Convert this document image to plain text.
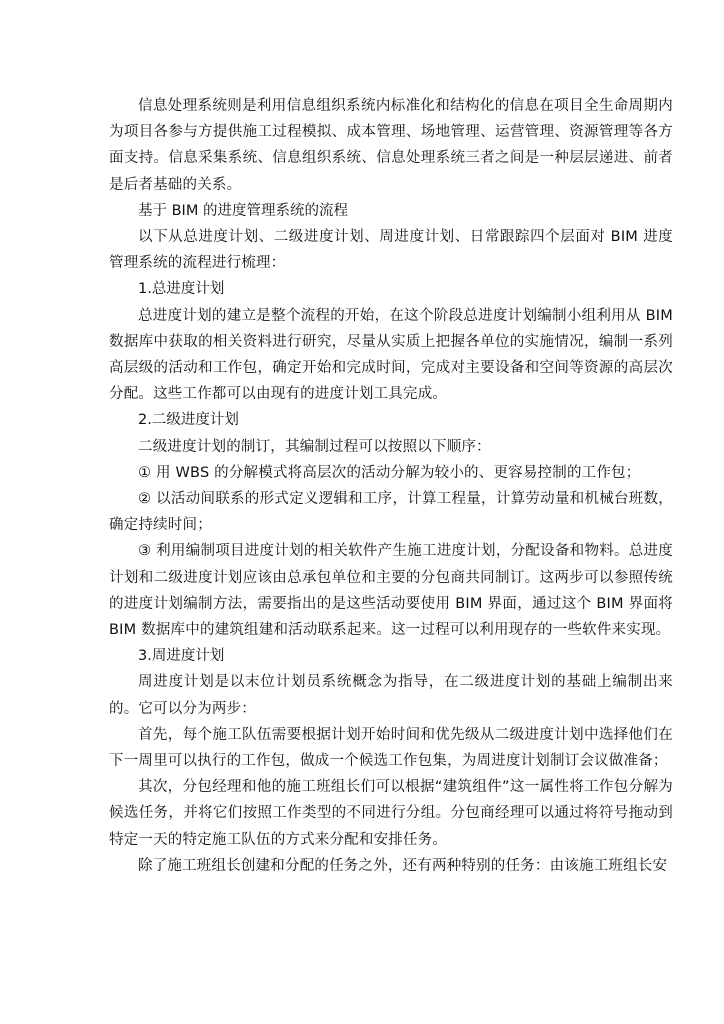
信息处理系统则是利用信息组织系统内标准化和结构化的信息在项目全生命周期内为项目各参与方提供施工过程模拟、成本管理、场地管理、运营管理、资源管理等各方面支持。信息采集系统、信息组织系统、信息处理系统三者之间是一种层层递进、前者是后者基础的关系。

基于 BIM 的进度管理系统的流程

以下从总进度计划、二级进度计划、周进度计划、日常跟踪四个层面对 BIM 进度管理系统的流程进行梳理：

1.总进度计划

总进度计划的建立是整个流程的开始，在这个阶段总进度计划编制小组利用从 BIM 数据库中获取的相关资料进行研究，尽量从实质上把握各单位的实施情况，编制一系列高层级的活动和工作包，确定开始和完成时间，完成对主要设备和空间等资源的高层次分配。这些工作都可以由现有的进度计划工具完成。

2.二级进度计划

二级进度计划的制订，其编制过程可以按照以下顺序：

① 用 WBS 的分解模式将高层次的活动分解为较小的、更容易控制的工作包；

② 以活动间联系的形式定义逻辑和工序，计算工程量，计算劳动量和机械台班数，确定持续时间；

③ 利用编制项目进度计划的相关软件产生施工进度计划，分配设备和物料。总进度计划和二级进度计划应该由总承包单位和主要的分包商共同制订。这两步可以参照传统的进度计划编制方法，需要指出的是这些活动要使用 BIM 界面，通过这个 BIM 界面将 BIM 数据库中的建筑组建和活动联系起来。这一过程可以利用现存的一些软件来实现。

3.周进度计划

周进度计划是以末位计划员系统概念为指导，在二级进度计划的基础上编制出来的。它可以分为两步：

首先，每个施工队伍需要根据计划开始时间和优先级从二级进度计划中选择他们在下一周里可以执行的工作包，做成一个候选工作包集，为周进度计划制订会议做准备；

其次，分包经理和他的施工班组长们可以根据“建筑组件”这一属性将工作包分解为候选任务，并将它们按照工作类型的不同进行分组。分包商经理可以通过将符号拖动到特定一天的特定施工队伍的方式来分配和安排任务。

除了施工班组长创建和分配的任务之外，还有两种特别的任务：由该施工班组长安
